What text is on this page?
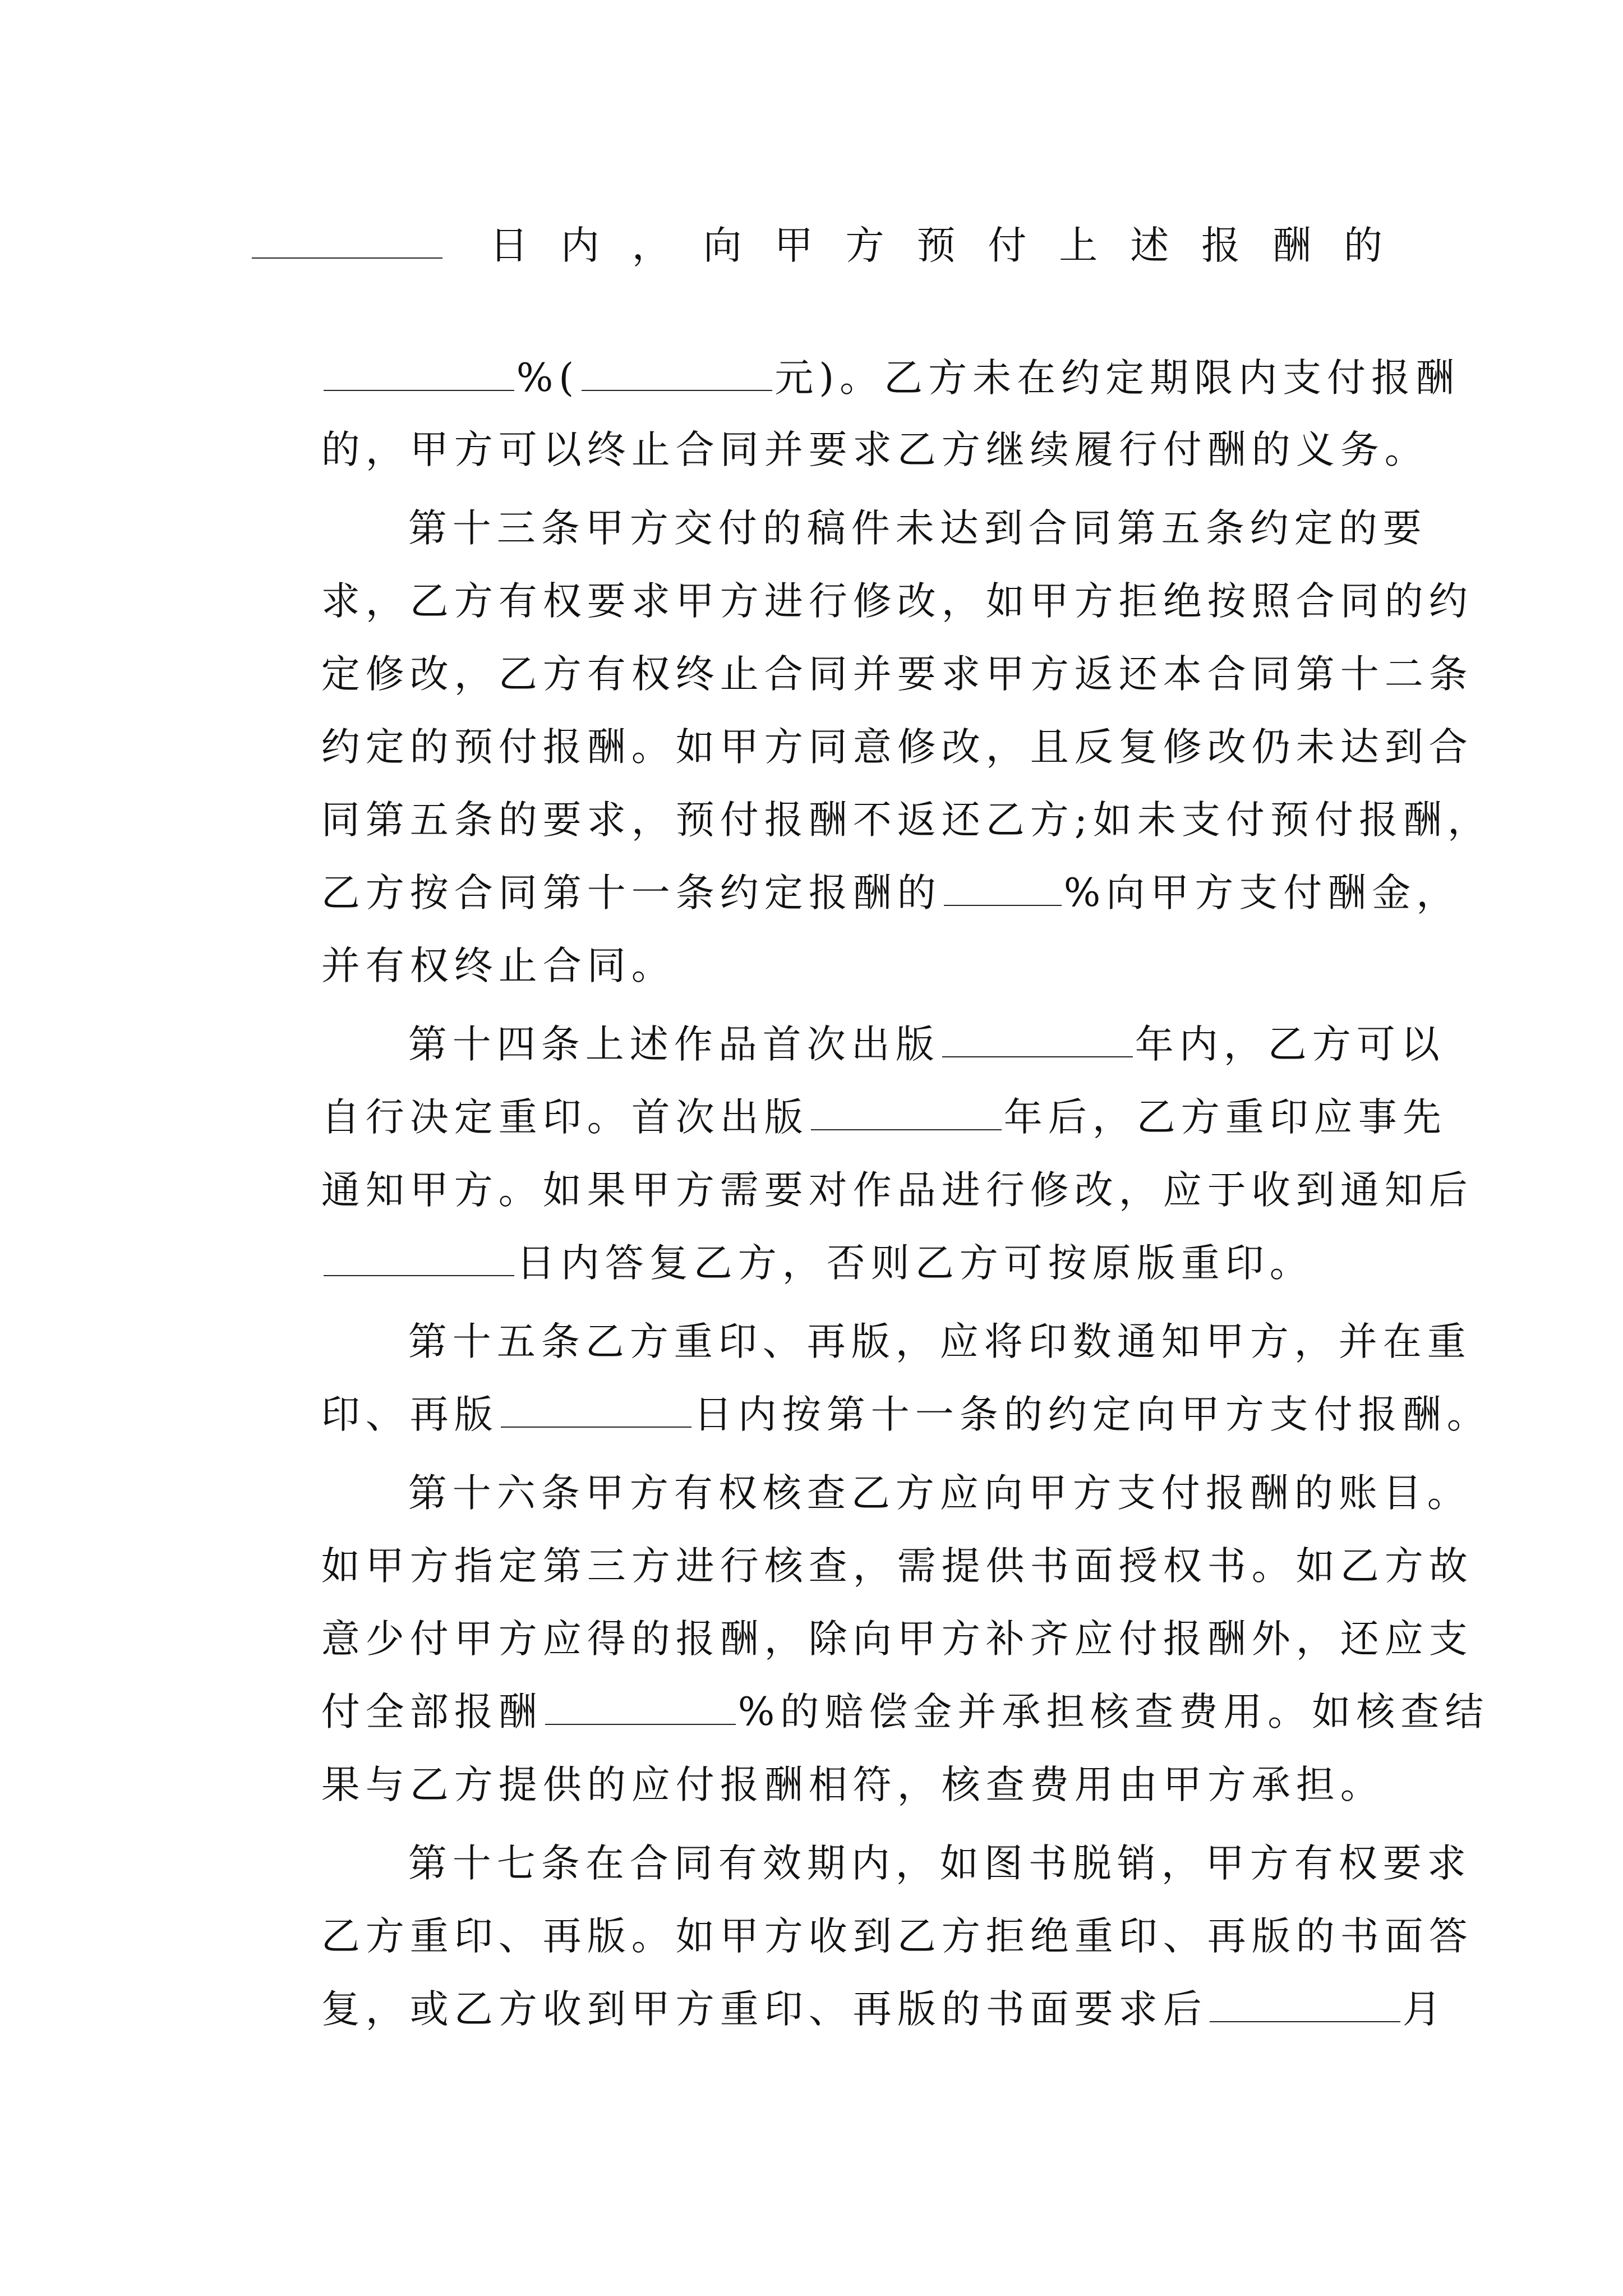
日内，向甲方预付上述报酬的

%(	元)。乙方未在约定期限内支付报酬

的，甲方可以终止合同并要求乙方继续履行付酬的义务。

第十三条甲方交付的稿件未达到合同第五条约定的要

求，乙方有权要求甲方进行修改，如甲方拒绝按照合同的约

定修改，乙方有权终止合同并要求甲方返还本合同第十二条

约定的预付报酬。如甲方同意修改，且反复修改仍未达到合

同第五条的要求，预付报酬不返还乙方;如未支付预付报酬，

乙方按合同第十一条约定报酬的	%向甲方支付酬金，

并有权终止合同。

第十四条上述作品首次出版	年内，乙方可以

自行决定重印。首次出版	年后，乙方重印应事先

通知甲方。如果甲方需要对作品进行修改，应于收到通知后

日内答复乙方，否则乙方可按原版重印。

第十五条乙方重印、再版，应将印数通知甲方，并在重

印、再版	日内按第十一条的约定向甲方支付报酬。

第十六条甲方有权核查乙方应向甲方支付报酬的账目。

如甲方指定第三方进行核查，需提供书面授权书。如乙方故

意少付甲方应得的报酬，除向甲方补齐应付报酬外，还应支

付全部报酬	%的赔偿金并承担核查费用。如核查结

果与乙方提供的应付报酬相符，核查费用由甲方承担。

第十七条在合同有效期内，如图书脱销，甲方有权要求

乙方重印、再版。如甲方收到乙方拒绝重印、再版的书面答

复，或乙方收到甲方重印、再版的书面要求后	月
